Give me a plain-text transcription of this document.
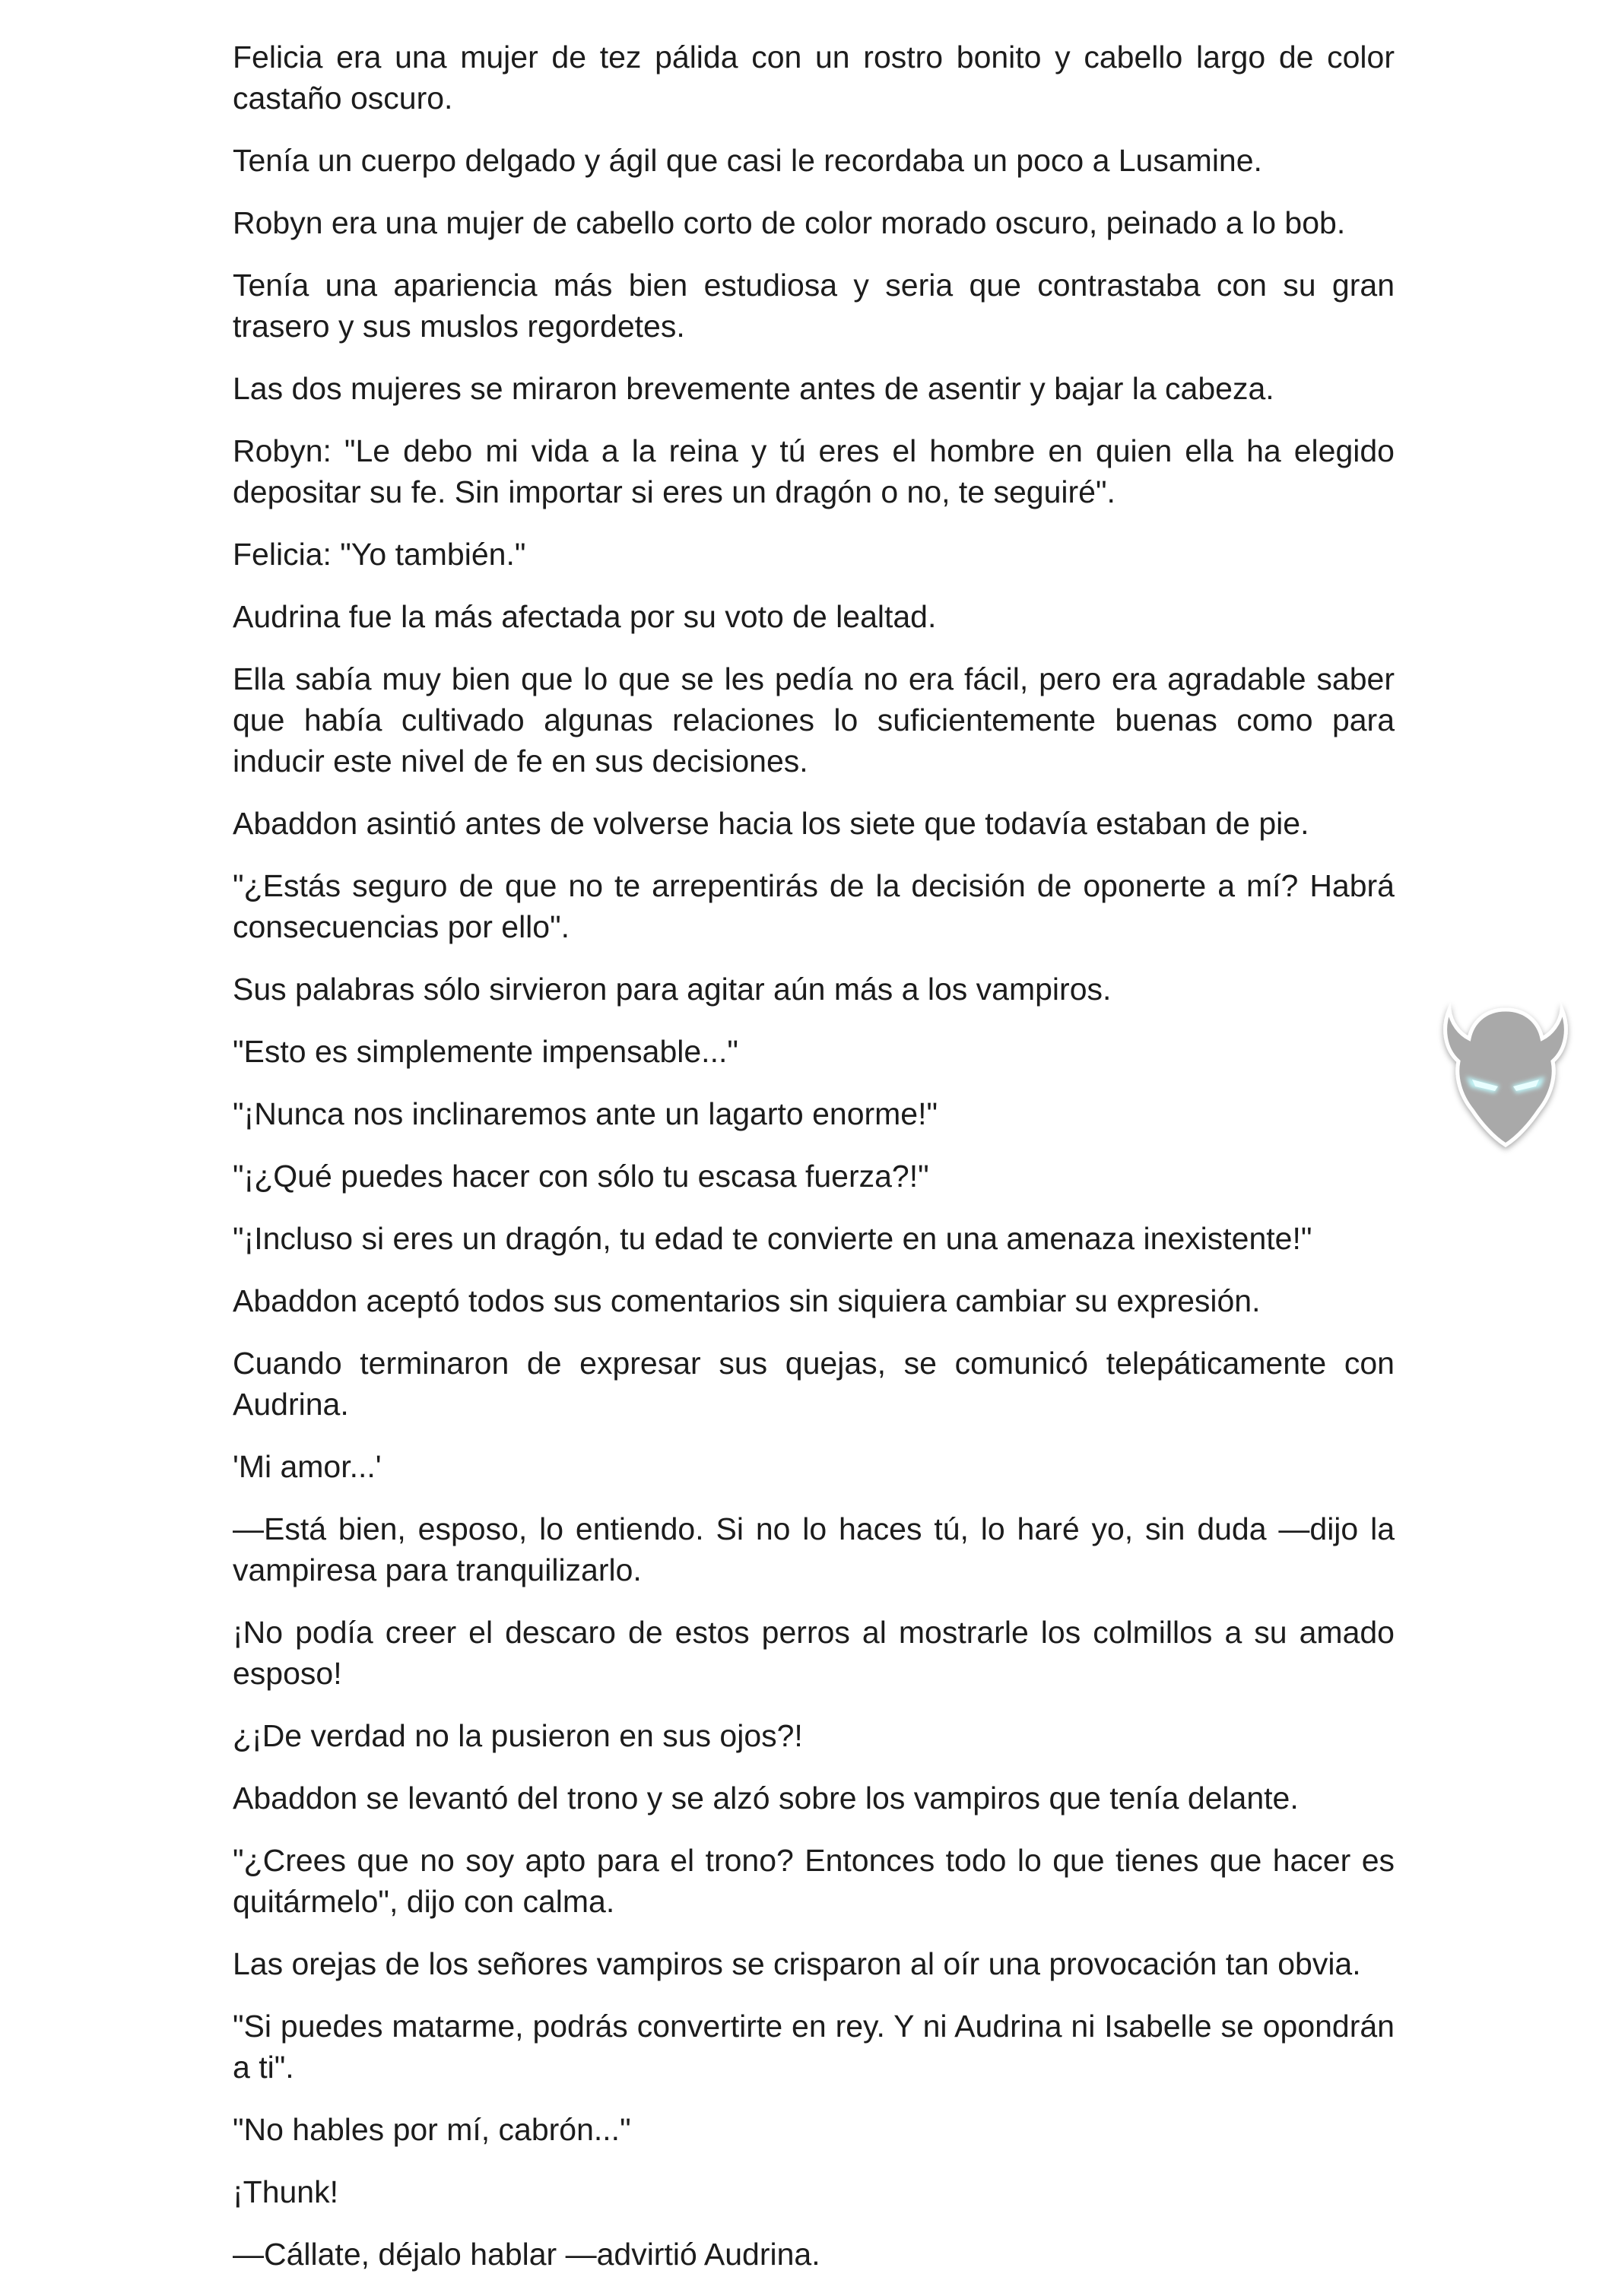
Felicia era una mujer de tez pálida con un rostro bonito y cabello largo de color castaño oscuro.

Tenía un cuerpo delgado y ágil que casi le recordaba un poco a Lusamine.

Robyn era una mujer de cabello corto de color morado oscuro, peinado a lo bob.

Tenía una apariencia más bien estudiosa y seria que contrastaba con su gran trasero y sus muslos regordetes.

Las dos mujeres se miraron brevemente antes de asentir y bajar la cabeza.

Robyn: "Le debo mi vida a la reina y tú eres el hombre en quien ella ha elegido depositar su fe. Sin importar si eres un dragón o no, te seguiré".

Felicia: "Yo también."

Audrina fue la más afectada por su voto de lealtad.

Ella sabía muy bien que lo que se les pedía no era fácil, pero era agradable saber que había cultivado algunas relaciones lo suficientemente buenas como para inducir este nivel de fe en sus decisiones.

Abaddon asintió antes de volverse hacia los siete que todavía estaban de pie.

"¿Estás seguro de que no te arrepentirás de la decisión de oponerte a mí? Habrá consecuencias por ello".

Sus palabras sólo sirvieron para agitar aún más a los vampiros.

"Esto es simplemente impensable..."

"¡Nunca nos inclinaremos ante un lagarto enorme!"

"¡¿Qué puedes hacer con sólo tu escasa fuerza?!"

"¡Incluso si eres un dragón, tu edad te convierte en una amenaza inexistente!"

Abaddon aceptó todos sus comentarios sin siquiera cambiar su expresión.

Cuando terminaron de expresar sus quejas, se comunicó telepáticamente con Audrina.

'Mi amor...'

—Está bien, esposo, lo entiendo. Si no lo haces tú, lo haré yo, sin duda —dijo la vampiresa para tranquilizarlo.

¡No podía creer el descaro de estos perros al mostrarle los colmillos a su amado esposo!

¿¡De verdad no la pusieron en sus ojos?!

Abaddon se levantó del trono y se alzó sobre los vampiros que tenía delante.

"¿Crees que no soy apto para el trono? Entonces todo lo que tienes que hacer es quitármelo", dijo con calma.

Las orejas de los señores vampiros se crisparon al oír una provocación tan obvia.

"Si puedes matarme, podrás convertirte en rey. Y ni Audrina ni Isabelle se opondrán a ti".

"No hables por mí, cabrón..."

¡Thunk!

—Cállate, déjalo hablar —advirtió Audrina.
